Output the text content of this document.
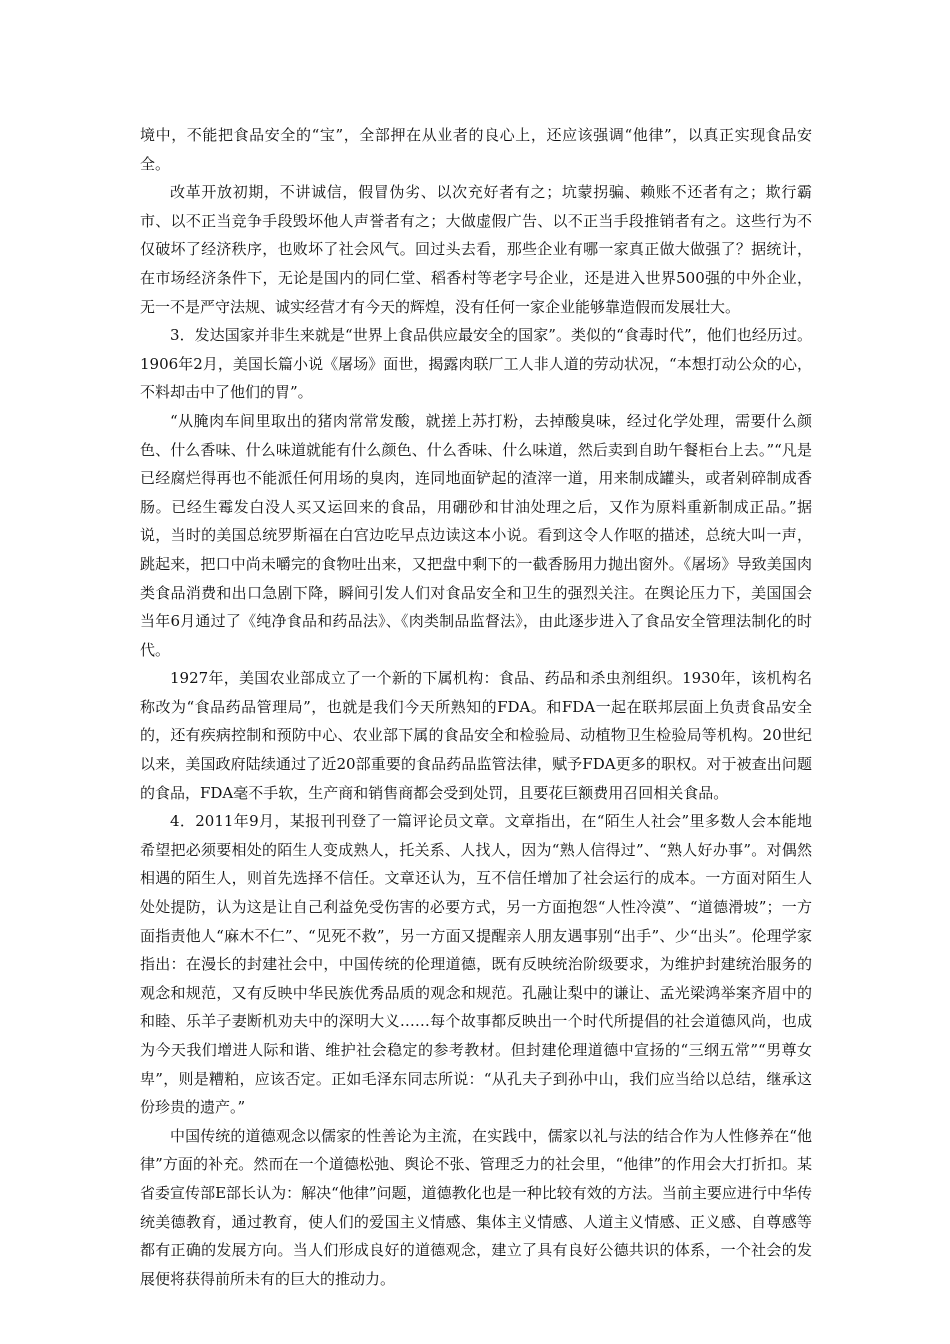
境中，不能把食品安全的“宝”，全部押在从业者的良心上，还应该强调“他律”，以真正实现食品安全。

改革开放初期，不讲诚信，假冒伪劣、以次充好者有之；坑蒙拐骗、赖账不还者有之；欺行霸市、以不正当竞争手段毁坏他人声誉者有之；大做虚假广告、以不正当手段推销者有之。这些行为不仅破坏了经济秩序，也败坏了社会风气。回过头去看，那些企业有哪一家真正做大做强了？据统计，在市场经济条件下，无论是国内的同仁堂、稻香村等老字号企业，还是进入世界500强的中外企业，无一不是严守法规、诚实经营才有今天的辉煌，没有任何一家企业能够靠造假而发展壮大。

3．发达国家并非生来就是“世界上食品供应最安全的国家”。类似的“食毒时代”，他们也经历过。1906年2月，美国长篇小说《屠场》面世，揭露肉联厂工人非人道的劳动状况，“本想打动公众的心，不料却击中了他们的胃”。

“从腌肉车间里取出的猪肉常常发酸，就搓上苏打粉，去掉酸臭味，经过化学处理，需要什么颜色、什么香味、什么味道就能有什么颜色、什么香味、什么味道，然后卖到自助午餐柜台上去。”“凡是已经腐烂得再也不能派任何用场的臭肉，连同地面铲起的渣滓一道，用来制成罐头，或者剁碎制成香肠。已经生霉发白没人买又运回来的食品，用硼砂和甘油处理之后，又作为原料重新制成正品。”据说，当时的美国总统罗斯福在白宫边吃早点边读这本小说。看到这令人作呕的描述，总统大叫一声，跳起来，把口中尚未嚼完的食物吐出来，又把盘中剩下的一截香肠用力抛出窗外。《屠场》导致美国肉类食品消费和出口急剧下降，瞬间引发人们对食品安全和卫生的强烈关注。在舆论压力下，美国国会当年6月通过了《纯净食品和药品法》、《肉类制品监督法》，由此逐步进入了食品安全管理法制化的时代。

1927年，美国农业部成立了一个新的下属机构：食品、药品和杀虫剂组织。1930年，该机构名称改为“食品药品管理局”，也就是我们今天所熟知的FDA。和FDA一起在联邦层面上负责食品安全的，还有疾病控制和预防中心、农业部下属的食品安全和检验局、动植物卫生检验局等机构。20世纪以来，美国政府陆续通过了近20部重要的食品药品监管法律，赋予FDA更多的职权。对于被查出问题的食品，FDA毫不手软，生产商和销售商都会受到处罚，且要花巨额费用召回相关食品。

4．2011年9月，某报刊刊登了一篇评论员文章。文章指出，在“陌生人社会”里多数人会本能地希望把必须要相处的陌生人变成熟人，托关系、人找人，因为“熟人信得过”、“熟人好办事”。对偶然相遇的陌生人，则首先选择不信任。文章还认为，互不信任增加了社会运行的成本。一方面对陌生人处处提防，认为这是让自己利益免受伤害的必要方式，另一方面抱怨“人性冷漠”、“道德滑坡”；一方面指责他人“麻木不仁”、“见死不救”，另一方面又提醒亲人朋友遇事别“出手”、少“出头”。伦理学家指出：在漫长的封建社会中，中国传统的伦理道德，既有反映统治阶级要求，为维护封建统治服务的观念和规范，又有反映中华民族优秀品质的观念和规范。孔融让梨中的谦让、孟光梁鸿举案齐眉中的和睦、乐羊子妻断机劝夫中的深明大义……每个故事都反映出一个时代所提倡的社会道德风尚，也成为今天我们增进人际和谐、维护社会稳定的参考教材。但封建伦理道德中宣扬的“三纲五常”“男尊女卑”，则是糟粕，应该否定。正如毛泽东同志所说：“从孔夫子到孙中山，我们应当给以总结，继承这份珍贵的遗产。”

中国传统的道德观念以儒家的性善论为主流，在实践中，儒家以礼与法的结合作为人性修养在“他律”方面的补充。然而在一个道德松弛、舆论不张、管理乏力的社会里，“他律”的作用会大打折扣。某省委宣传部E部长认为：解决“他律”问题，道德教化也是一种比较有效的方法。当前主要应进行中华传统美德教育，通过教育，使人们的爱国主义情感、集体主义情感、人道主义情感、正义感、自尊感等都有正确的发展方向。当人们形成良好的道德观念，建立了具有良好公德共识的体系，一个社会的发展便将获得前所未有的巨大的推动力。
